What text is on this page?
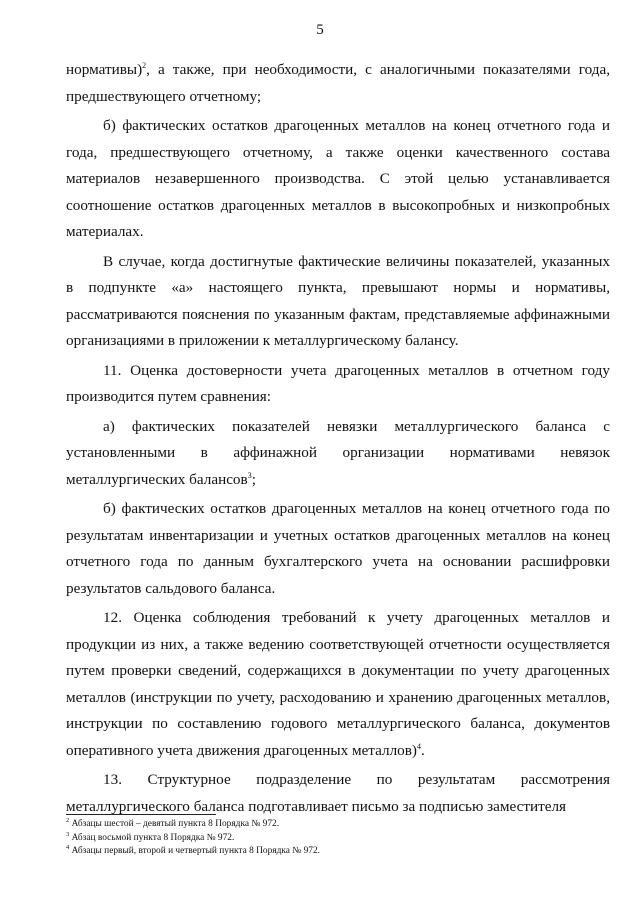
5

нормативы)$^2$, а также, при необходимости, с аналогичными показателями года, предшествующего отчетному;

б) фактических остатков драгоценных металлов на конец отчетного года и года, предшествующего отчетному, а также оценки качественного состава материалов незавершенного производства. С этой целью устанавливается соотношение остатков драгоценных металлов в высокопробных и низкопробных материалах.

В случае, когда достигнутые фактические величины показателей, указанных в подпункте «а» настоящего пункта, превышают нормы и нормативы, рассматриваются пояснения по указанным фактам, представляемые аффинажными организациями в приложении к металлургическому балансу.

11. Оценка достоверности учета драгоценных металлов в отчетном году производится путем сравнения:

а) фактических показателей невязки металлургического баланса с установленными в аффинажной организации нормативами невязок металлургических балансов$^3$;

б) фактических остатков драгоценных металлов на конец отчетного года по результатам инвентаризации и учетных остатков драгоценных металлов на конец отчетного года по данным бухгалтерского учета на основании расшифровки результатов сальдового баланса.

12. Оценка соблюдения требований к учету драгоценных металлов и продукции из них, а также ведению соответствующей отчетности осуществляется путем проверки сведений, содержащихся в документации по учету драгоценных металлов (инструкции по учету, расходованию и хранению драгоценных металлов, инструкции по составлению годового металлургического баланса, документов оперативного учета движения драгоценных металлов)$^4$.

13. Структурное подразделение по результатам рассмотрения металлургического баланса подготавливает письмо за подписью заместителя

$^2$ Абзацы шестой – девятый пункта 8 Порядка № 972.
$^3$ Абзац восьмой пункта 8 Порядка № 972.
$^4$ Абзацы первый, второй и четвертый пункта 8 Порядка № 972.
